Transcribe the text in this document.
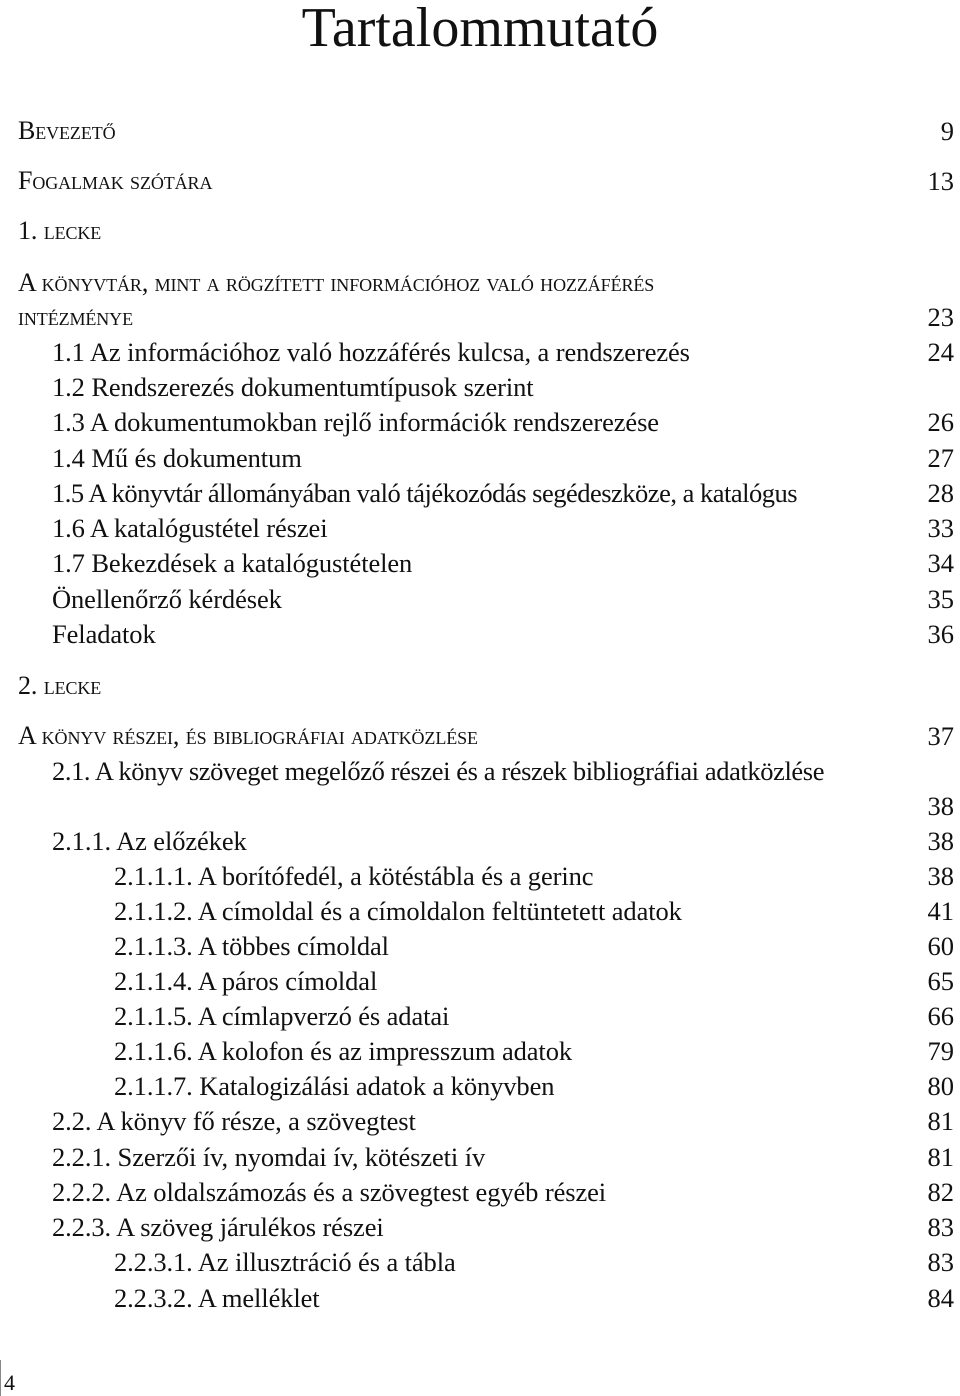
Tartalommutató
Bevezető	9
Fogalmak szótára	13
1. lecke
A könyvtár, mint a rögzített információhoz való hozzáférés
intézménye	23
1.1 Az információhoz való hozzáférés kulcsa, a rendszerezés	24
1.2 Rendszerezés dokumentumtípusok szerint
1.3 A dokumentumokban rejlő információk rendszerezése	26
1.4 Mű és dokumentum	27
1.5 A könyvtár állományában való tájékozódás segédeszköze, a katalógus	28
1.6 A katalógustétel részei	33
1.7 Bekezdések a katalógustételen	34
Önellenőrző kérdések	35
Feladatok	36
2. lecke
A könyv részei, és bibliográfiai adatközlése	37
2.1. A könyv szöveget megelőző részei és a részek bibliográfiai adatközlése
38
2.1.1. Az előzékek	38
2.1.1.1. A borítófedél, a kötéstábla és a gerinc	38
2.1.1.2. A címoldal és a címoldalon feltüntetett adatok	41
2.1.1.3. A többes címoldal	60
2.1.1.4. A páros címoldal	65
2.1.1.5. A címlapverzó és adatai	66
2.1.1.6. A kolofon és az impresszum adatok	79
2.1.1.7. Katalogizálási adatok a könyvben	80
2.2. A könyv fő része, a szövegtest	81
2.2.1. Szerzői ív, nyomdai ív, kötészeti ív	81
2.2.2. Az oldalszámozás és a szövegtest egyéb részei	82
2.2.3. A szöveg járulékos részei	83
2.2.3.1. Az illusztráció és a tábla	83
2.2.3.2. A melléklet	84
4
